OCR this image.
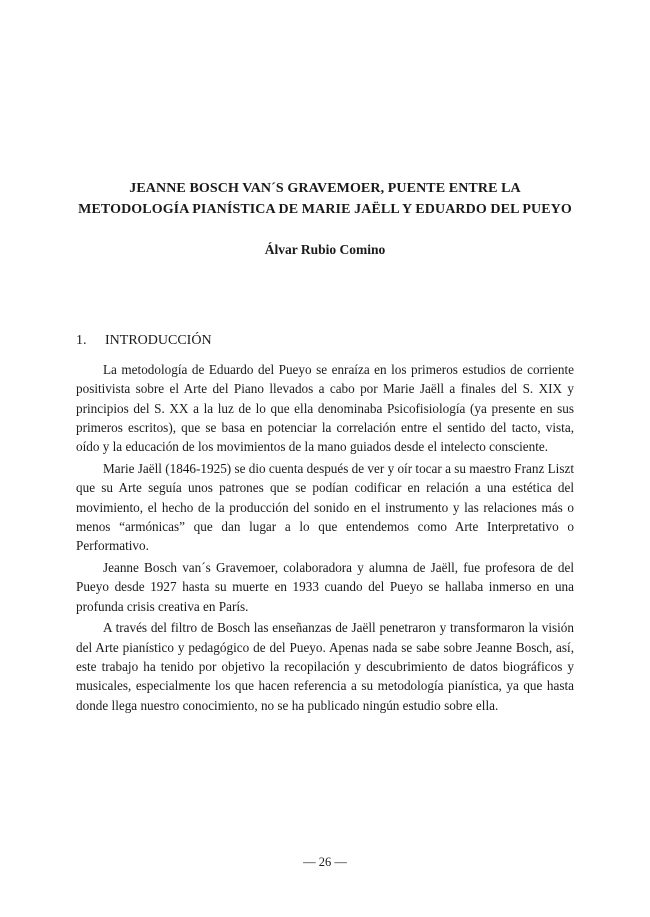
JEANNE BOSCH VAN´S GRAVEMOER, PUENTE ENTRE LA
METODOLOGÍA PIANÍSTICA DE MARIE JAËLL Y EDUARDO DEL PUEYO
Álvar Rubio Comino
1. INTRODUCCIÓN

La metodología de Eduardo del Pueyo se enraíza en los primeros estudios de corriente positivista sobre el Arte del Piano llevados a cabo por Marie Jaëll a finales del S. XIX y principios del S. XX a la luz de lo que ella denominaba Psicofisiología (ya presente en sus primeros escritos), que se basa en potenciar la correlación entre el sentido del tacto, vista, oído y la educación de los movimientos de la mano guiados desde el intelecto consciente.

Marie Jaëll (1846-1925) se dio cuenta después de ver y oír tocar a su maestro Franz Liszt que su Arte seguía unos patrones que se podían codificar en relación a una estética del movimiento, el hecho de la producción del sonido en el instrumento y las relaciones más o menos “armónicas” que dan lugar a lo que entendemos como Arte Interpretativo o Performativo.

Jeanne Bosch van´s Gravemoer, colaboradora y alumna de Jaëll, fue profesora de del Pueyo desde 1927 hasta su muerte en 1933 cuando del Pueyo se hallaba inmerso en una profunda crisis creativa en París.

A través del filtro de Bosch las enseñanzas de Jaëll penetraron y transformaron la visión del Arte pianístico y pedagógico de del Pueyo. Apenas nada se sabe sobre Jeanne Bosch, así, este trabajo ha tenido por objetivo la recopilación y descubrimiento de datos biográficos y musicales, especialmente los que hacen referencia a su metodología pianística, ya que hasta donde llega nuestro conocimiento, no se ha publicado ningún estudio sobre ella.

— 26 —
